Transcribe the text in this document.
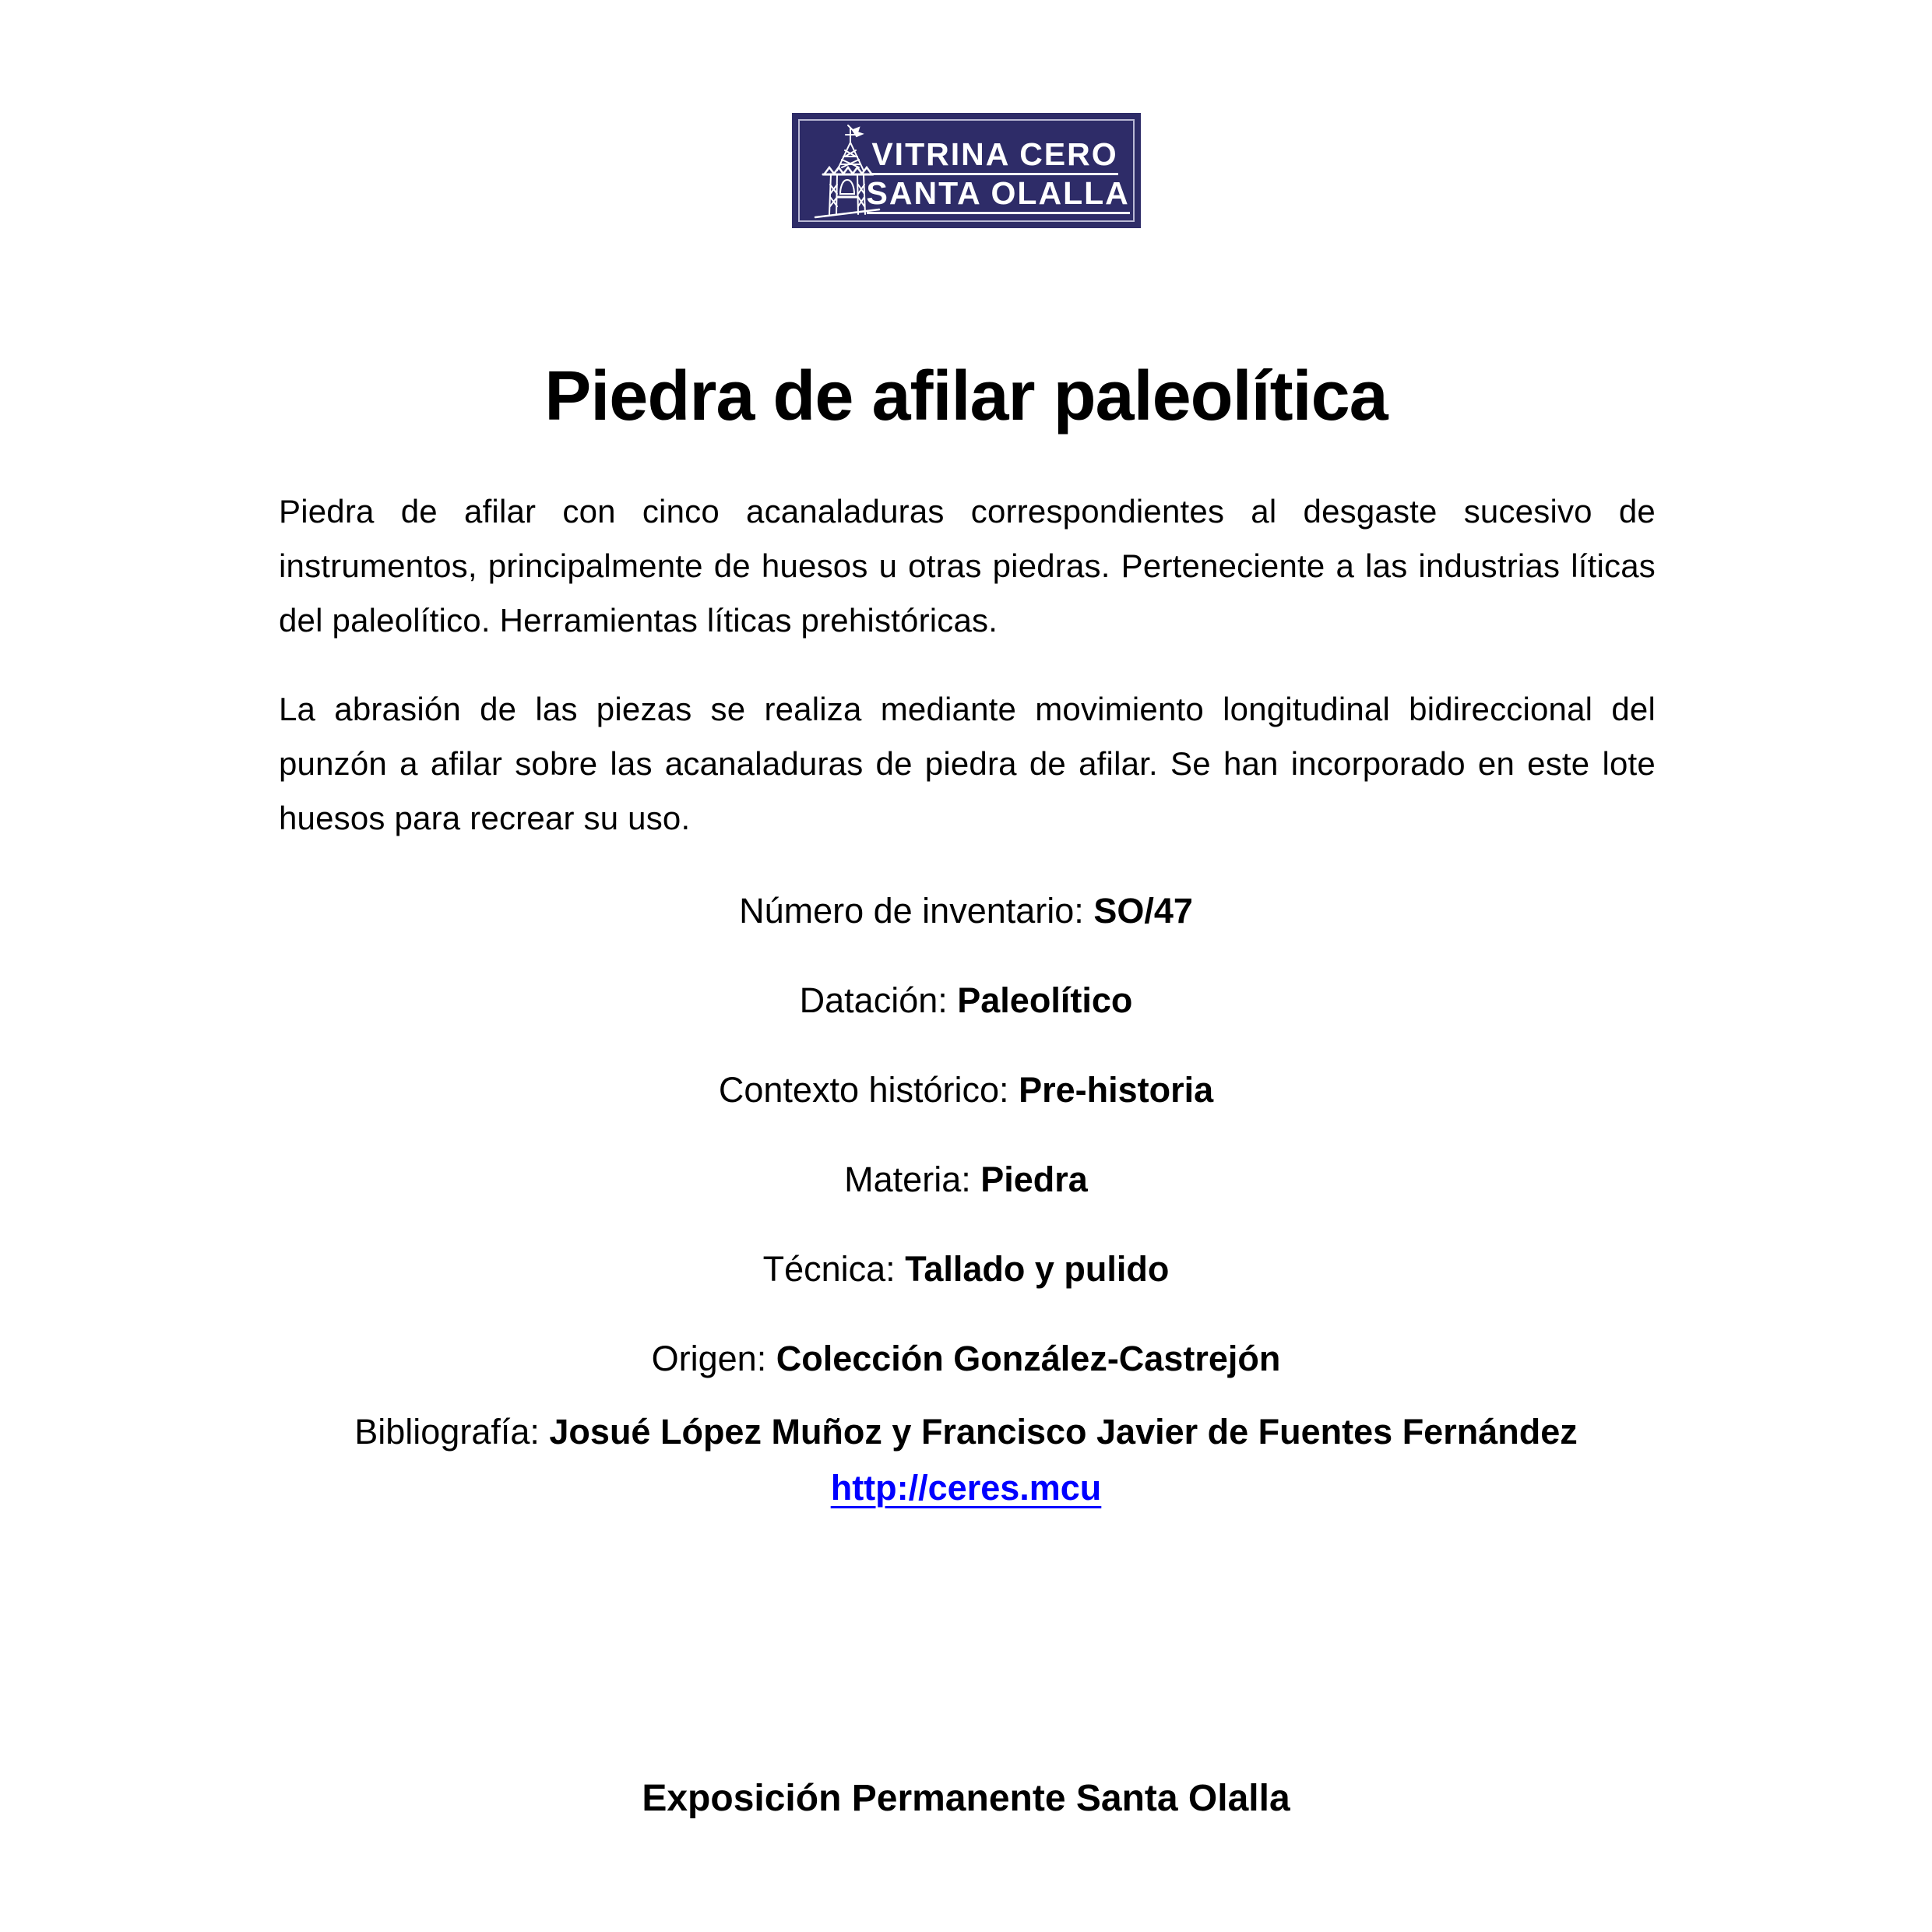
VITRINA CERO
SANTA OLALLA
Piedra de afilar paleolítica

Piedra de afilar con cinco acanaladuras correspondientes al desgaste sucesivo de instrumentos, principalmente de huesos u otras piedras. Perteneciente a las industrias líticas del paleolítico. Herramientas líticas prehistóricas.

La abrasión de las piezas se realiza mediante movimiento longitudinal bidireccional del punzón a afilar sobre las acanaladuras de piedra de afilar. Se han incorporado en este lote huesos para recrear su uso.

Número de inventario: SO/47
Datación: Paleolítico
Contexto histórico: Pre-historia
Materia: Piedra
Técnica: Tallado y pulido
Origen: Colección González-Castrejón
Bibliografía: Josué López Muñoz y Francisco Javier de Fuentes Fernández
http://ceres.mcu
Exposición Permanente Santa Olalla
